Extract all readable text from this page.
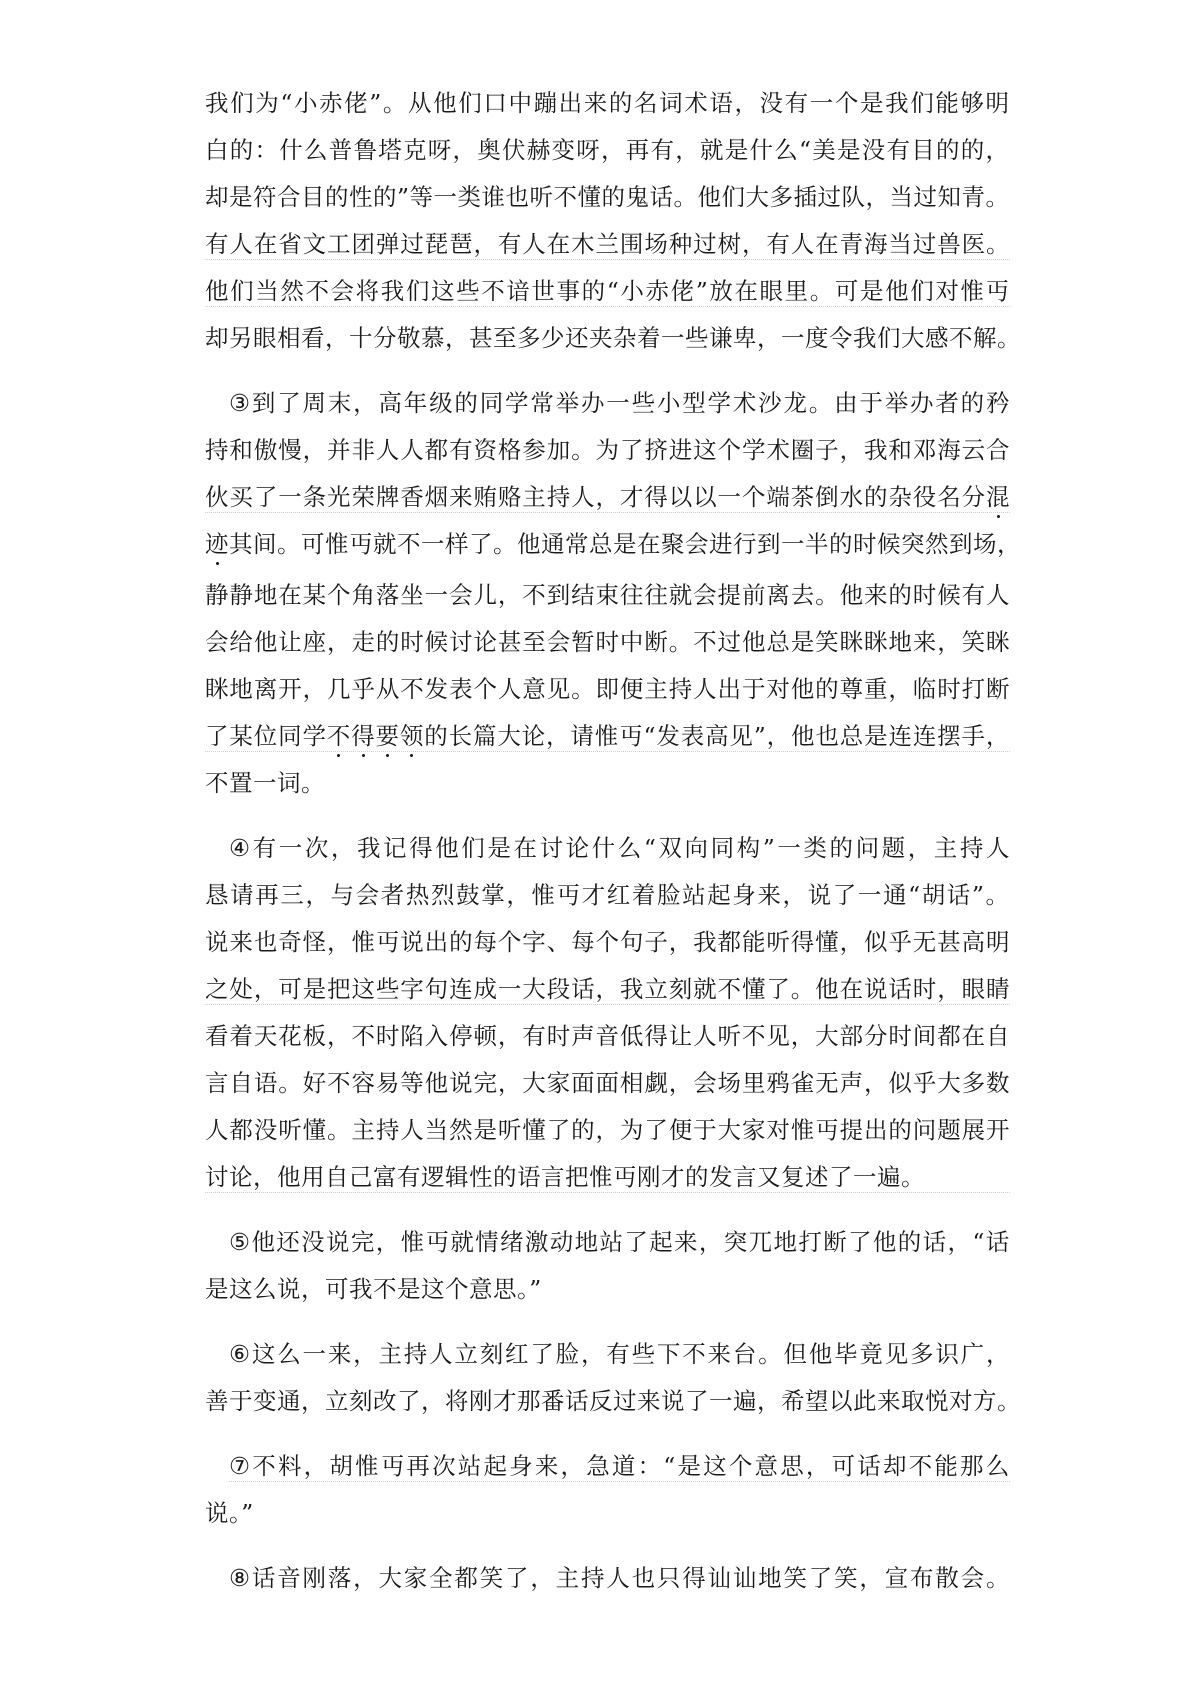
我 们 为 “ 小 赤 佬 ” 。 从 他 们 口 中 蹦 出 来 的 名 词 术 语 ， 没 有 一 个 是 我 们 能 够 明
白 的 ： 什 么 普 鲁 塔 克 呀 ， 奥 伏 赫 变 呀 ， 再 有 ， 就 是 什 么 “ 美 是 没 有 目 的 的 ，
却 是 符 合 目 的 性 的 ” 等 一 类 谁 也 听 不 懂 的 鬼 话 。 他 们 大 多 插 过 队 ， 当 过 知 青 。
有 人 在 省 文 工 团 弹 过 琵 琶 ， 有 人 在 木 兰 围 场 种 过 树 ， 有 人 在 青 海 当 过 兽 医 。
他 们 当 然 不 会 将 我 们 这 些 不 谙 世 事 的 “ 小 赤 佬 ” 放 在 眼 里 。 可 是 他 们 对 惟 丏
却 另 眼 相 看 ， 十 分 敬 慕 ， 甚 至 多 少 还 夹 杂 着 一 些 谦 卑 ， 一 度 令 我 们 大 感 不 解 。
③ 到 了 周 末 ， 高 年 级 的 同 学 常 举 办 一 些 小 型 学 术 沙 龙 。 由 于 举 办 者 的 矜
持 和 傲 慢 ， 并 非 人 人 都 有 资 格 参 加 。 为 了 挤 进 这 个 学 术 圈 子 ， 我 和 邓 海 云 合
伙 买 了 一 条 光 荣 牌 香 烟 来 贿 赂 主 持 人 ， 才 得 以 以 一 个 端 茶 倒 水 的 杂 役 名 分 混
迹 其 间 。 可 惟 丏 就 不 一 样 了 。 他 通 常 总 是 在 聚 会 进 行 到 一 半 的 时 候 突 然 到 场 ，
静 静 地 在 某 个 角 落 坐 一 会 儿 ， 不 到 结 束 往 往 就 会 提 前 离 去 。 他 来 的 时 候 有 人
会 给 他 让 座 ， 走 的 时 候 讨 论 甚 至 会 暂 时 中 断 。 不 过 他 总 是 笑 眯 眯 地 来 ， 笑 眯
眯 地 离 开 ， 几 乎 从 不 发 表 个 人 意 见 。 即 便 主 持 人 出 于 对 他 的 尊 重 ， 临 时 打 断
了 某 位 同 学 不 得 要 领 的 长 篇 大 论 ， 请 惟 丏 “ 发 表 高 见 ” ， 他 也 总 是 连 连 摆 手 ，
不置一词。
④ 有 一 次 ， 我 记 得 他 们 是 在 讨 论 什 么 “ 双 向 同 构 ” 一 类 的 问 题 ， 主 持 人
恳 请 再 三 ， 与 会 者 热 烈 鼓 掌 ， 惟 丏 才 红 着 脸 站 起 身 来 ， 说 了 一 通 “ 胡 话 ” 。
说 来 也 奇 怪 ， 惟 丏 说 出 的 每 个 字 、 每 个 句 子 ， 我 都 能 听 得 懂 ， 似 乎 无 甚 高 明
之 处 ， 可 是 把 这 些 字 句 连 成 一 大 段 话 ， 我 立 刻 就 不 懂 了 。 他 在 说 话 时 ， 眼 睛
看 着 天 花 板 ， 不 时 陷 入 停 顿 ， 有 时 声 音 低 得 让 人 听 不 见 ， 大 部 分 时 间 都 在 自
言 自 语 。 好 不 容 易 等 他 说 完 ， 大 家 面 面 相 觑 ， 会 场 里 鸦 雀 无 声 ， 似 乎 大 多 数
人 都 没 听 懂 。 主 持 人 当 然 是 听 懂 了 的 ， 为 了 便 于 大 家 对 惟 丏 提 出 的 问 题 展 开
讨论，他用自己富有逻辑性的语言把惟丏刚才的发言又复述了一遍。
⑤ 他 还 没 说 完 ， 惟 丏 就 情 绪 激 动 地 站 了 起 来 ， 突 兀 地 打 断 了 他 的 话 ， “ 话
是这么说，可我不是这个意思。”
⑥ 这 么 一 来 ， 主 持 人 立 刻 红 了 脸 ， 有 些 下 不 来 台 。 但 他 毕 竟 见 多 识 广 ，
善 于 变 通 ， 立 刻 改 了 ， 将 刚 才 那 番 话 反 过 来 说 了 一 遍 ， 希 望 以 此 来 取 悦 对 方 。
⑦ 不 料 ， 胡 惟 丏 再 次 站 起 身 来 ， 急 道 ： “ 是 这 个 意 思 ， 可 话 却 不 能 那 么
说。”
⑧ 话 音 刚 落 ， 大 家 全 都 笑 了 ， 主 持 人 也 只 得 讪 讪 地 笑 了 笑 ， 宣 布 散 会 。
